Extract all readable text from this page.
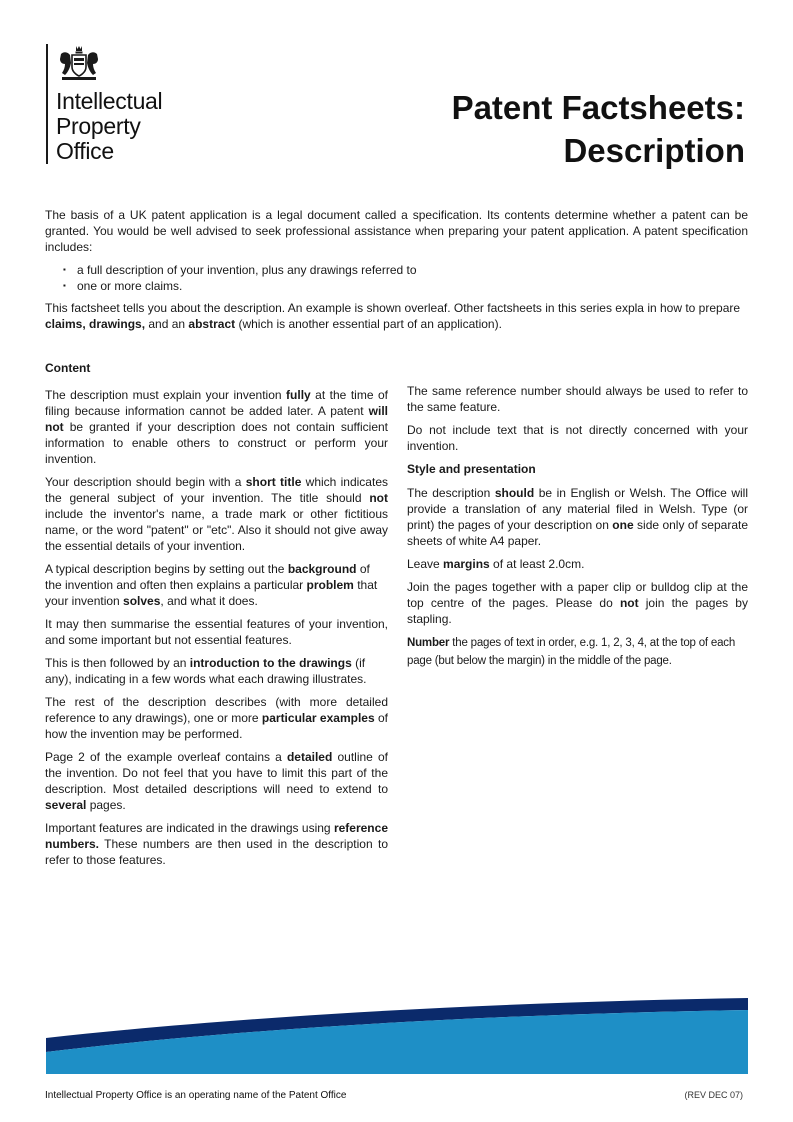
Intellectual
Property
Office
Patent Factsheets:
Description

The basis of a UK patent application is a legal document called a specification. Its contents determine whether a patent can be granted. You would be well advised to seek professional assistance when preparing your patent application. A patent specification includes:

▪ a full description of your invention, plus any drawings referred to
▪ one or more claims.

This factsheet tells you about the description. An example is shown overleaf. Other factsheets in this series expla in how to prepare claims, drawings, and an abstract (which is another essential part of an application).

Content

The description must explain your invention fully at the time of filing because information cannot be added later. A patent will not be granted if your description does not contain sufficient information to enable others to construct or perform your invention.

Your description should begin with a short title which indicates the general subject of your invention. The title should not include the inventor's name, a trade mark or other fictitious name, or the word "patent" or "etc". Also it should not give away the essential details of your invention.

A typical description begins by setting out the background of the invention and often then explains a particular problem that your invention solves, and what it does.

It may then summarise the essential features of your invention, and some important but not essential features.

This is then followed by an introduction to the drawings (if any), indicating in a few words what each drawing illustrates.

The rest of the description describes (with more detailed reference to any drawings), one or more particular examples of how the invention may be performed.

Page 2 of the example overleaf contains a detailed outline of the invention. Do not feel that you have to limit this part of the description. Most detailed descriptions will need to extend to several pages.

Important features are indicated in the drawings using reference numbers. These numbers are then used in the description to refer to those features.

The same reference number should always be used to refer to the same feature.

Do not include text that is not directly concerned with your invention.

Style and presentation

The description should be in English or Welsh. The Office will provide a translation of any material filed in Welsh. Type (or print) the pages of your description on one side only of separate sheets of white A4 paper.

Leave margins of at least 2.0cm.

Join the pages together with a paper clip or bulldog clip at the top centre of the pages. Please do not join the pages by stapling.

Number the pages of text in order, e.g. 1, 2, 3, 4, at the top of each page (but below the margin) in the middle of the page.

Intellectual Property Office is an operating name of the Patent Office	(REV DEC 07)
